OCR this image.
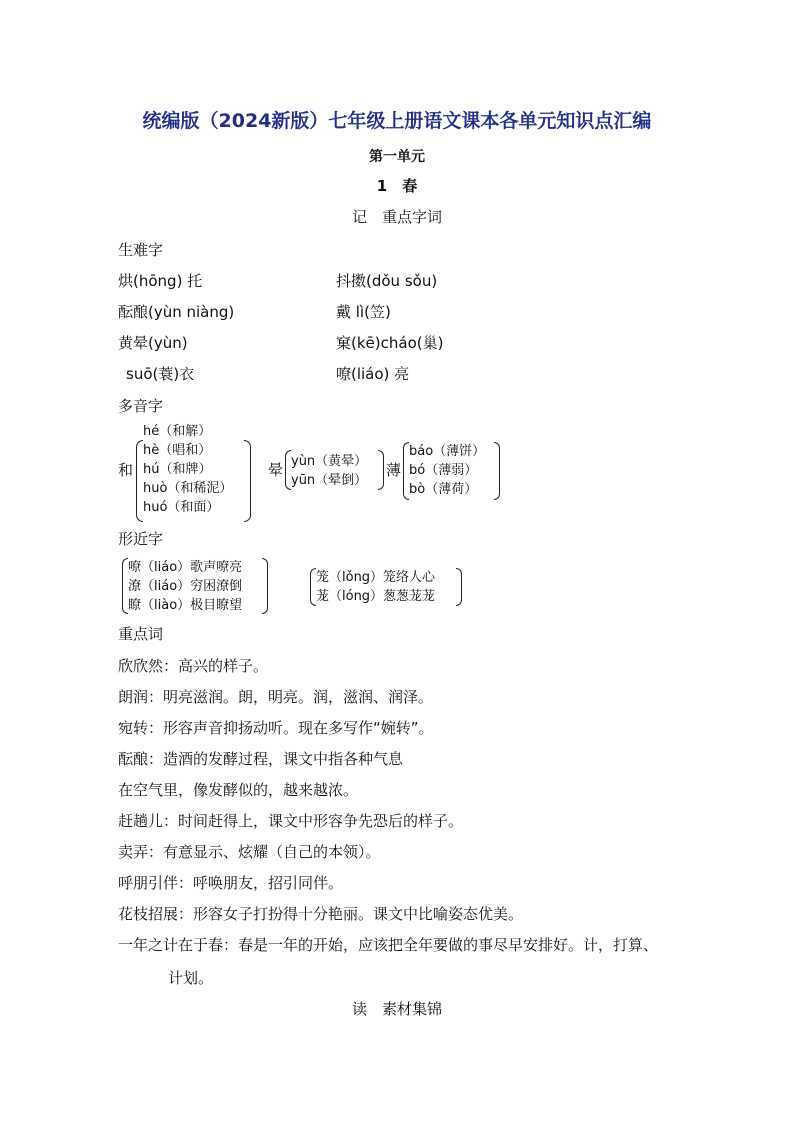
统编版（2024新版）七年级上册语文课本各单元知识点汇编
第一单元
1　春
记　重点字词
生难字
烘(hōng) 托	抖擞(dǒu sǒu)
酝酿(yùn niàng)	戴 lì(笠)
黄晕(yùn)	窠(kē)cháo(巢)
suō(蓑)衣	嘹(liáo) 亮
多音字
和
hé（和解）
hè（唱和）
hú（和牌）
huò（和稀泥）
huó（和面）
晕 yùn（黄晕）
yūn（晕倒）
薄
báo（薄饼）
bó（薄弱）
bò（薄荷）
形近字
嘹（liáo）歌声嘹亮
潦（liáo）穷困潦倒
瞭（liào）极目瞭望
笼（lǒng）笼络人心
茏（lóng）葱葱茏茏
重点词
欣欣然：高兴的样子。
朗润：明亮滋润。朗，明亮。润，滋润、润泽。
宛转：形容声音抑扬动听。现在多写作“婉转”。
酝酿：造酒的发酵过程，课文中指各种气息
在空气里，像发酵似的，越来越浓。
赶趟儿：时间赶得上，课文中形容争先恐后的样子。
卖弄：有意显示、炫耀（自己的本领）。
呼朋引伴：呼唤朋友，招引同伴。
花枝招展：形容女子打扮得十分艳丽。课文中比喻姿态优美。
一年之计在于春：春是一年的开始，应该把全年要做的事尽早安排好。计，打算、
计划。
读　素材集锦
